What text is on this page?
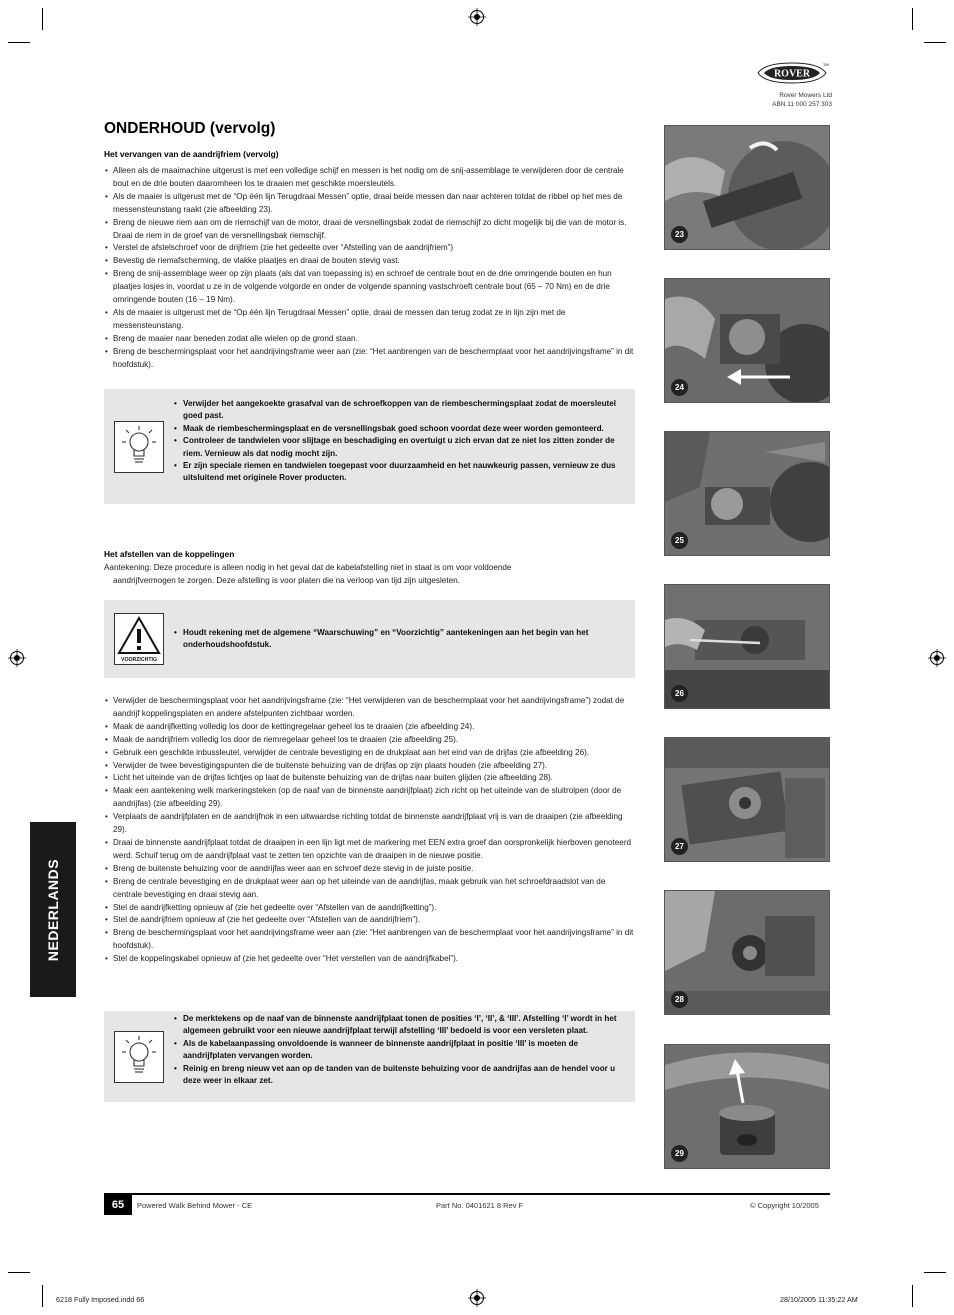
ROVER
TM
Rover Mowers Ltd
ABN 11 000 257 303
ONDERHOUD (vervolg)
Het vervangen van de aandrijfriem (vervolg)
• Alleen als de maaimachine uitgerust is met een volledige schijf en messen is het nodig om de snij-assemblage te verwijderen door de centrale bout en de drie bouten daaromheen los te draaien met geschikte moersleutels.
• Als de maaier is uitgerust met de “Op één lijn Terugdraai Messen” optie, draai beide messen dan naar achteren totdat de ribbel op het mes de messensteunstang raakt (zie afbeelding 23).
• Breng de nieuwe riem aan om de riemschijf van de motor, draai de versnellingsbak zodat de riemschijf zo dicht mogelijk bij die van de motor is. Draai de riem in de groef van de versnellingsbak riemschijf.
• Verstel de afstelschroef voor de drijfriem (zie het gedeelte over “Afstelling van de aandrijfriem”)
• Bevestig de riemafscherming, de vlakke plaatjes en draai de bouten stevig vast.
• Breng de snij-assemblage weer op zijn plaats (als dat van toepassing is) en schroef de centrale bout en de drie omringende bouten en hun plaatjes losjes in, voordat u ze in de volgende volgorde en onder de volgende spanning vastschroeft centrale bout (65 – 70 Nm) en de drie omringende bouten (16 – 19 Nm).
• Als de maaier is uitgerust met de “Op één lijn Terugdraai Messen” optie, draai de messen dan terug zodat ze in lijn zijn met de messensteunstang.
• Breng de maaier naar beneden zodat alle wielen op de grond staan.
• Breng de beschermingsplaat voor het aandrijvingsframe weer aan (zie: “Het aanbrengen van de beschermplaat voor het aandrijvingsframe” in dit hoofdstuk).
• Verwijder het aangekoekte grasafval van de schroefkoppen van de riembeschermingsplaat zodat de moersleutel goed past.
• Maak de riembeschermingsplaat en de versnellingsbak goed schoon voordat deze weer worden gemonteerd.
• Controleer de tandwielen voor slijtage en beschadiging en overtuigt u zich ervan dat ze niet los zitten zonder de riem. Vernieuw als dat nodig mocht zijn.
• Er zijn speciale riemen en tandwielen toegepast voor duurzaamheid en het nauwkeurig passen, vernieuw ze dus uitsluitend met originele Rover producten.
Het afstellen van de koppelingen
Aantekening: Deze procedure is alleen nodig in het geval dat de kabelafstelling niet in staat is om voor voldoende
aandrijfvermogen te zorgen. Deze afstelling is voor platen die na verloop van tijd zijn uitgesleten.
VOORZICHTIG
• Houdt rekening met de algemene “Waarschuwing” en “Voorzichtig” aantekeningen aan het begin van het onderhoudshoofdstuk.
• Verwijder de beschermingsplaat voor het aandrijvingsframe (zie: “Het verwijderen van de beschermplaat voor het aandrijvingsframe”) zodat de aandrijf koppelingsplaten en andere afstelpunten zichtbaar worden.
• Maak de aandrijfketting volledig los door de kettingregelaar geheel los te draaien (zie afbeelding 24).
• Maak de aandrijfriem volledig los door de riemregelaar geheel los te draaien (zie afbeelding 25).
• Gebruik een geschikte inbussleutel, verwijder de centrale bevestiging en de drukplaat aan het eind van de drijfas (zie afbeelding 26).
• Verwijder de twee bevestigingspunten die de buitenste behuizing van de drijfas op zijn plaats houden (zie afbeelding 27).
• Licht het uiteinde van de drijfas lichtjes op laat de buitenste behuizing van de drijfas naar buiten glijden (zie afbeelding 28).
• Maak een aantekening welk markeringsteken (op de naaf van de binnenste aandrijfplaat) zich richt op het uiteinde van de sluitrolpen (door de aandrijfas) (zie afbeelding 29).
• Verplaats de aandrijfplaten en de aandrijfnok in een uitwaardse richting totdat de binnenste aandrijfplaat vrij is van de draaipen (zie afbeelding 29).
• Draai de binnenste aandrijfplaat totdat de draaipen in een lijn ligt met de markering met EEN extra groef dan oorspronkelijk hierboven genoteerd werd. Schuif terug om de aandrijfplaat vast te zetten ten opzichte van de draaipen in de nieuwe positie.
• Breng de buitenste behuizing voor de aandrijfas weer aan en schroef deze stevig in de juiste positie.
• Breng de centrale bevestiging en de drukplaat weer aan op het uiteinde van de aandrijfas, maak gebruik van het schroefdraadslot van de centrale bevestiging en draai stevig aan.
• Stel de aandrijfketting opnieuw af (zie het gedeelte over “Afstellen van de aandrijfketting”).
• Stel de aandrijfriem opnieuw af (zie het gedeelte over “Afstellen van de aandrijfriem”).
• Breng de beschermingsplaat voor het aandrijvingsframe weer aan (zie: “Het aanbrengen van de beschermplaat voor het aandrijvingsframe” in dit hoofdstuk).
• Stel de koppelingskabel opnieuw af (zie het gedeelte over “Het verstellen van de aandrijfkabel”).
• De merktekens op de naaf van de binnenste aandrijfplaat tonen de posities ‘I’, ‘II’, & ‘III’. Afstelling ‘I’ wordt in het algemeen gebruikt voor een nieuwe aandrijfplaat terwijl afstelling ‘III’ bedoeld is voor een versleten plaat.
• Als de kabelaanpassing onvoldoende is wanneer de binnenste aandrijfplaat in positie ‘III’ is moeten de aandrijfplaten vervangen worden.
• Reinig en breng nieuw vet aan op de tanden van de buitenste behuizing voor de aandrijfas aan de hendel voor u deze weer in elkaar zet.
NEDERLANDS
23
24
25
26
27
28
29
65	Powered Walk Behind Mower - CE	Part No. 0401621 8 Rev F	© Copyright 10/2005
6218 Fully Imposed.indd 66	28/10/2005 11:35:22 AM
